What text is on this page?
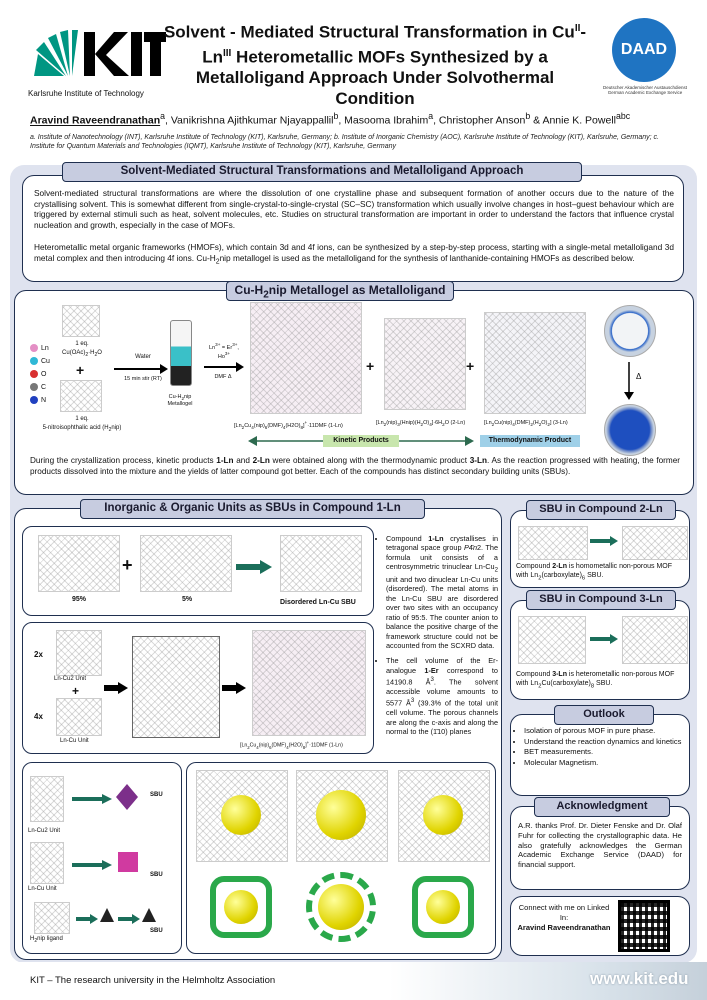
Karlsruhe Institute of Technology
Solvent - Mediated Structural Transformation in $Cu^{II}-Ln^{III}$ Heterometallic MOFs Synthesized by a Metalloligand Approach Under Solvothermal Condition
DAAD
Deutscher Akademischer Austauschdienst German Academic Exchange Service
Aravind Raveendranathan$^a$, Vanikrishna Ajithkumar Njayappallil$^b$, Masooma Ibrahim$^a$, Christopher Anson$^b$ & Annie K. Powell$^{abc}$
a. Institute of Nanotechnology (INT), Karlsruhe Institute of Technology (KIT), Karlsruhe, Germany; b. Institute of Inorganic Chemistry (AOC), Karlsruhe Institute of Technology (KIT), Karlsruhe, Germany; c. Institute for Quantum Materials and Technologies (IQMT), Karlsruhe Institute of Technology (KIT), Karlsruhe, Germany
Solvent-Mediated Structural Transformations and Metalloligand Approach
Solvent-mediated structural transformations are where the dissolution of one crystalline phase and subsequent formation of another occurs due to the nature of the crystallising solvent. This is somewhat different from single-crystal-to-single-crystal (SC–SC) transformation which usually involve changes in host–guest behaviour which are triggered by external stimuli such as heat, solvent molecules, etc. Studies on structural transformation are important in order to understand the factors that influence crystal nucleation and growth, especially in the case of MOFs.
Heterometallic metal organic frameworks (HMOFs), which contain 3d and 4f ions, can be synthesized by a step-by-step process, starting with a single-metal metalloligand 3d metal complex and then introducing 4f ions. $Cu-H_2nip$ metallogel is used as the metalloligand for the synthesis of lanthanide-containing HMOFs as described below.
$Cu-H_2nip$ Metallogel as Metalloligand
Ln
Cu
O
C
N
1 eq.
$Cu(OAc)_2\cdot H_2O$
+
1 eq.
5-nitroisophthalic acid $(H_2nip)$
Water
15 min stir (RT)
$Cu-H_2nip$ Metallogel
$Ln^{3+} = Er^{3+}$, $Ho^{3+}$
DMF Δ
+	+
$[Ln_2Cu_4(nip)_6(DMF)_4(H2O)_8]^+\cdot 11DMF$ (1-Ln)	$[Ln_2(nip)_3(Hnip)(H_2O)_4]\cdot 6H_2O$ (2-Ln)	$[Ln_2Cu(nip)_4(DMF)_2(H_2O)_2]$ (3-Ln)
Kinetic Products	Thermodynamic Product
Δ
During the crystallization process, kinetic products 1-Ln and 2-Ln were obtained along with the thermodynamic product 3-Ln. As the reaction progressed with heating, the former products dissolved into the mixture and the yields of latter compound got better. Each of the compounds has distinct secondary building units (SBUs).
Inorganic & Organic Units as SBUs in Compound 1-Ln
+
95%	5%	Disordered Ln-Cu SBU
2x
Ln-Cu2 Unit
+
4x
Ln-Cu Unit
$[Ln_2Cu_4(nip)_6(DMF)_4(H2O)_8]^+\cdot 11DMF$ (1-Ln)
• Compound 1-Ln crystallises in tetragonal space group P4̄n2. The formula unit consists of a centrosymmetric trinuclear $Ln-Cu_2$ unit and two dinuclear Ln-Cu units (disordered). The metal atoms in the Ln-Cu SBU are disordered over two sites with an occupancy ratio of 95:5. The counter anion to balance the positive charge of the framework structure could not be accounted from the SCXRD data.
• The cell volume of the Er-analogue 1-Er correspond to 14190.8 $Å^3$. The solvent accessible volume amounts to 5577 $Å^3$ (39.3% of the total unit cell volume. The porous channels are along the c-axis and along the normal to the (1̄10) planes
SBU
Ln-Cu2 Unit
SBU
Ln-Cu Unit
SBU
$H_2nip$ ligand
SBU in Compound 2-Ln
Compound 2-Ln is homometallic non-porous MOF with $Ln_2(carboxylate)_6$ SBU.
SBU in Compound 3-Ln
Compound 3-Ln is heterometallic non-porous MOF with $Ln_2Cu(carboxylate)_8$ SBU.
Outlook
• Isolation of porous MOF in pure phase.
• Understand the reaction dynamics and kinetics
• BET measurements.
• Molecular Magnetism.
Acknowledgment
A.R. thanks Prof. Dr. Dieter Fenske and Dr. Olaf Fuhr for collecting the crystallographic data. He also gratefully acknowledges the German Academic Exchange Service (DAAD) for financial support.
Connect with me on Linked In:
Aravind Raveendranathan
KIT – The research university in the Helmholtz Association	www.kit.edu
